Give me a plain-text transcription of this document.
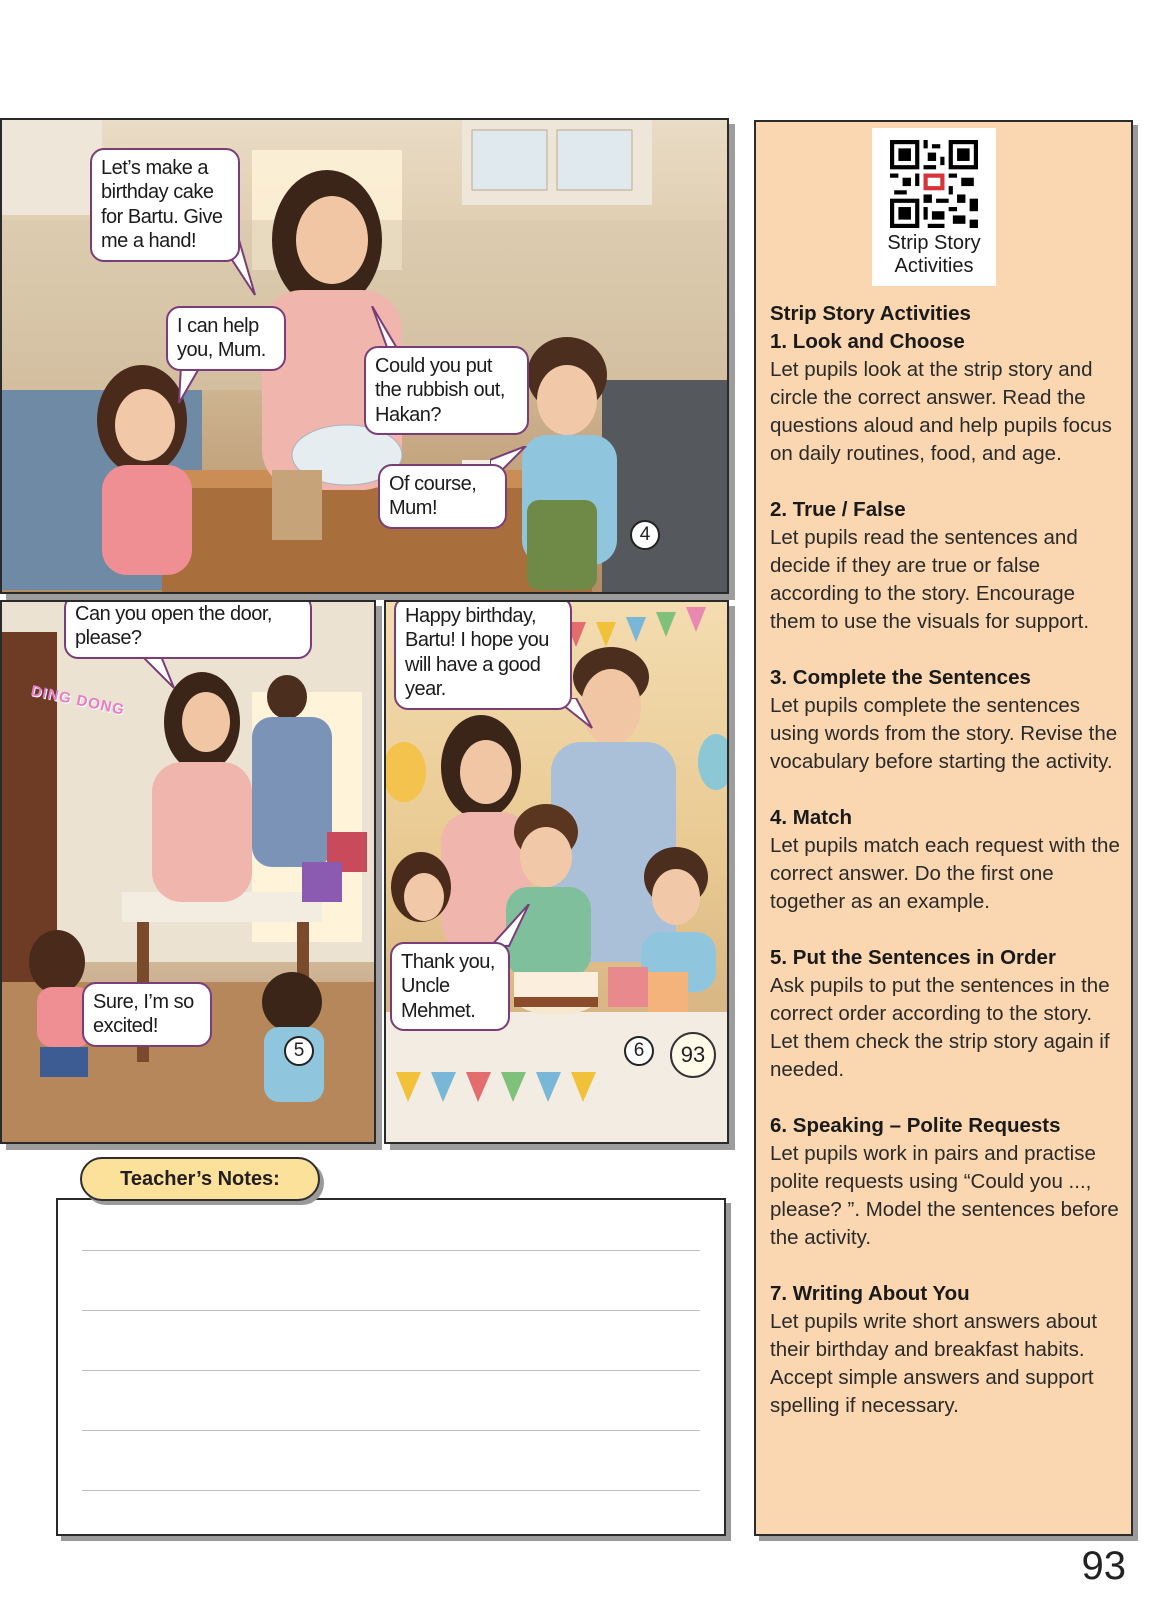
Let’s make a birthday cake for Bartu. Give me a hand!
I can help you, Mum.
Could you put the rubbish out, Hakan?
Of course, Mum!
4
Can you open the door, please?
Sure, I’m so excited!
5
DING DONG
Happy birthday, Bartu! I hope you will have a good year.
Thank you, Uncle Mehmet.
6	93
Strip Story Activities
Strip Story Activities
1. Look and Choose

Let pupils look at the strip story and circle the correct answer. Read the questions aloud and help pupils focus on daily routines, food, and age.

2. True / False

Let pupils read the sentences and decide if they are true or false according to the story. Encourage them to use the visuals for support.

3. Complete the Sentences

Let pupils complete the sentences using words from the story. Revise the vocabulary before starting the activity.

4. Match

Let pupils match each request with the correct answer. Do the first one together as an example.

5. Put the Sentences in Order

Ask pupils to put the sentences in the correct order according to the story. Let them check the strip story again if needed.

6. Speaking – Polite Requests

Let pupils work in pairs and practise polite requests using “Could you ..., please? ”. Model the sentences before the activity.

7. Writing About You

Let pupils write short answers about their birthday and breakfast habits. Accept simple answers and support spelling if necessary.

Teacher’s Notes:
93
